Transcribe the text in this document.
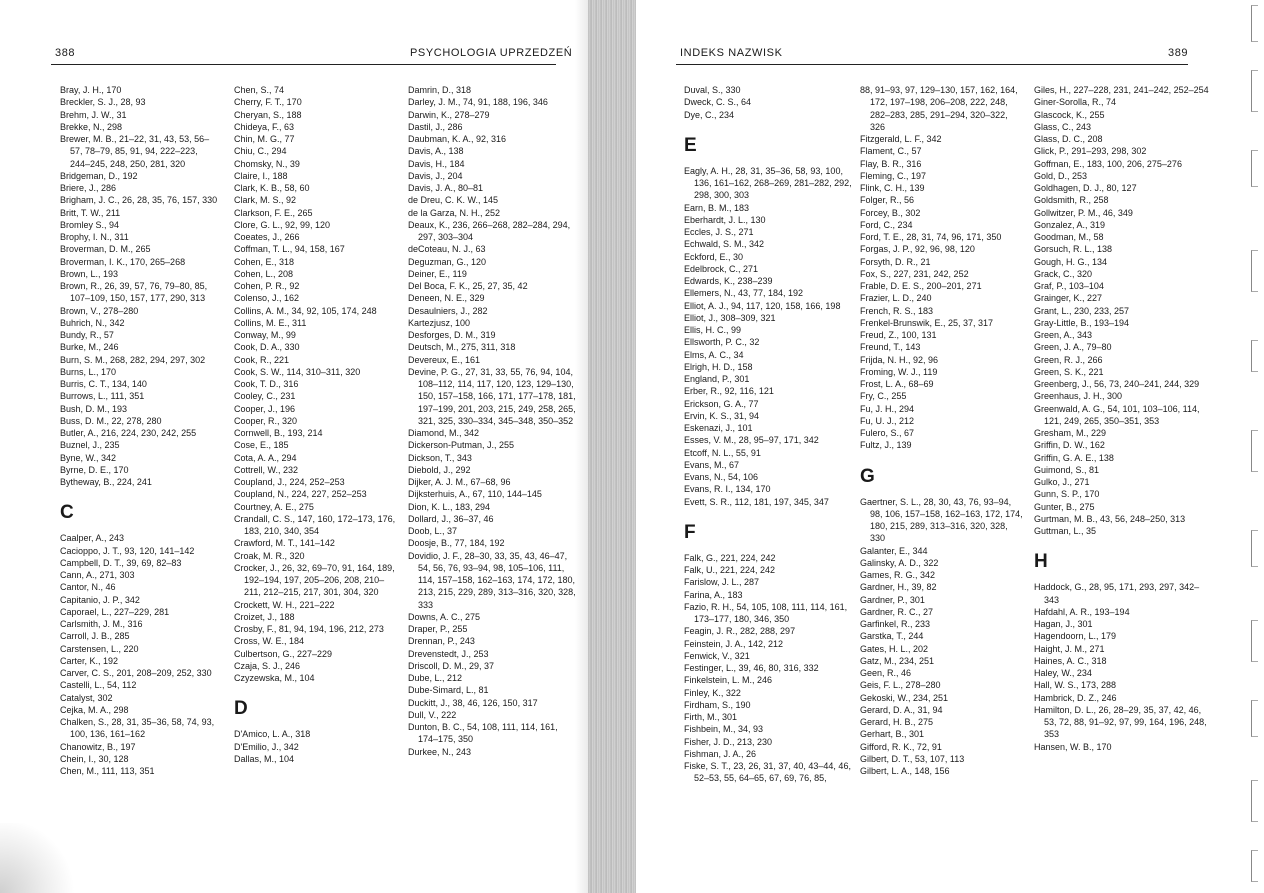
388	PSYCHOLOGIA UPRZEDZEŃ
Bray, J. H., 170
Breckler, S. J., 28, 93
Brehm, J. W., 31
Brekke, N., 298
Brewer, M. B., 21–22, 31, 43, 53, 56–57, 78–79, 85, 91, 94, 222–223, 244–245, 248, 250, 281, 320
Bridgeman, D., 192
Briere, J., 286
Brigham, J. C., 26, 28, 35, 76, 157, 330
Britt, T. W., 211
Bromley S., 94
Brophy, I. N., 311
Broverman, D. M., 265
Broverman, I. K., 170, 265–268
Brown, L., 193
Brown, R., 26, 39, 57, 76, 79–80, 85, 107–109, 150, 157, 177, 290, 313
Brown, V., 278–280
Buhrich, N., 342
Bundy, R., 57
Burke, M., 246
Burn, S. M., 268, 282, 294, 297, 302
Burns, L., 170
Burris, C. T., 134, 140
Burrows, L., 111, 351
Bush, D. M., 193
Buss, D. M., 22, 278, 280
Butler, A., 216, 224, 230, 242, 255
Buznel, J., 235
Byne, W., 342
Byrne, D. E., 170
Bytheway, B., 224, 241
C
Caalper, A., 243
Cacioppo, J. T., 93, 120, 141–142
Campbell, D. T., 39, 69, 82–83
Cann, A., 271, 303
Cantor, N., 46
Capitanio, J. P., 342
Caporael, L., 227–229, 281
Carlsmith, J. M., 316
Carroll, J. B., 285
Carstensen, L., 220
Carter, K., 192
Carver, C. S., 201, 208–209, 252, 330
Castelli, L., 54, 112
Catalyst, 302
Cejka, M. A., 298
Chalken, S., 28, 31, 35–36, 58, 74, 93, 100, 136, 161–162
Chanowitz, B., 197
Chein, I., 30, 128
Chen, M., 111, 113, 351
Chen, S., 74
Cherry, F. T., 170
Cheryan, S., 188
Chideya, F., 63
Chin, M. G., 77
Chiu, C., 294
Chomsky, N., 39
Claire, I., 188
Clark, K. B., 58, 60
Clark, M. S., 92
Clarkson, F. E., 265
Clore, G. L., 92, 99, 120
Coeates, J., 266
Coffman, T. L., 94, 158, 167
Cohen, E., 318
Cohen, L., 208
Cohen, P. R., 92
Colenso, J., 162
Collins, A. M., 34, 92, 105, 174, 248
Collins, M. E., 311
Conway, M., 99
Cook, D. A., 330
Cook, R., 221
Cook, S. W., 114, 310–311, 320
Cook, T. D., 316
Cooley, C., 231
Cooper, J., 196
Cooper, R., 320
Cornwell, B., 193, 214
Cose, E., 185
Cota, A. A., 294
Cottrell, W., 232
Coupland, J., 224, 252–253
Coupland, N., 224, 227, 252–253
Courtney, A. E., 275
Crandall, C. S., 147, 160, 172–173, 176, 183, 210, 340, 354
Crawford, M. T., 141–142
Croak, M. R., 320
Crocker, J., 26, 32, 69–70, 91, 164, 189, 192–194, 197, 205–206, 208, 210–211, 212–215, 217, 301, 304, 320
Crockett, W. H., 221–222
Croizet, J., 188
Crosby, F., 81, 94, 194, 196, 212, 273
Cross, W. E., 184
Culbertson, G., 227–229
Czaja, S. J., 246
Czyzewska, M., 104
D
D'Amico, L. A., 318
D'Emilio, J., 342
Dallas, M., 104
Damrin, D., 318
Darley, J. M., 74, 91, 188, 196, 346
Darwin, K., 278–279
Dastil, J., 286
Daubman, K. A., 92, 316
Davis, A., 138
Davis, H., 184
Davis, J., 204
Davis, J. A., 80–81
de Dreu, C. K. W., 145
de la Garza, N. H., 252
Deaux, K., 236, 266–268, 282–284, 294, 297, 303–304
deCoteau, N. J., 63
Deguzman, G., 120
Deiner, E., 119
Del Boca, F. K., 25, 27, 35, 42
Deneen, N. E., 329
Desaulniers, J., 282
Kartezjusz, 100
Desforges, D. M., 319
Deutsch, M., 275, 311, 318
Devereux, E., 161
Devine, P. G., 27, 31, 33, 55, 76, 94, 104, 108–112, 114, 117, 120, 123, 129–130, 150, 157–158, 166, 171, 177–178, 181, 197–199, 201, 203, 215, 249, 258, 265, 321, 325, 330–334, 345–348, 350–352
Diamond, M., 342
Dickerson-Putman, J., 255
Dickson, T., 343
Diebold, J., 292
Dijker, A. J. M., 67–68, 96
Dijksterhuis, A., 67, 110, 144–145
Dion, K. L., 183, 294
Dollard, J., 36–37, 46
Doob, L., 37
Doosje, B., 77, 184, 192
Dovidio, J. F., 28–30, 33, 35, 43, 46–47, 54, 56, 76, 93–94, 98, 105–106, 111, 114, 157–158, 162–163, 174, 172, 180, 213, 215, 229, 289, 313–316, 320, 328, 333
Downs, A. C., 275
Draper, P., 255
Drennan, P., 243
Drevenstedt, J., 253
Driscoll, D. M., 29, 37
Dube, L., 212
Dube-Simard, L., 81
Duckitt, J., 38, 46, 126, 150, 317
Dull, V., 222
Dunton, B. C., 54, 108, 111, 114, 161, 174–175, 350
Durkee, N., 243
INDEKS NAZWISK	389
Duval, S., 330
Dweck, C. S., 64
Dye, C., 234
E
Eagly, A. H., 28, 31, 35–36, 58, 93, 100, 136, 161–162, 268–269, 281–282, 292, 298, 300, 303
Earn, B. M., 183
Eberhardt, J. L., 130
Eccles, J. S., 271
Echwald, S. M., 342
Eckford, E., 30
Edelbrock, C., 271
Edwards, K., 238–239
Ellemers, N., 43, 77, 184, 192
Elliot, A. J., 94, 117, 120, 158, 166, 198
Elliot, J., 308–309, 321
Ellis, H. C., 99
Ellsworth, P. C., 32
Elms, A. C., 34
Elrigh, H. D., 158
England, P., 301
Erber, R., 92, 116, 121
Erickson, G. A., 77
Ervin, K. S., 31, 94
Eskenazi, J., 101
Esses, V. M., 28, 95–97, 171, 342
Etcoff, N. L., 55, 91
Evans, M., 67
Evans, N., 54, 106
Evans, R. I., 134, 170
Evett, S. R., 112, 181, 197, 345, 347
F
Falk, G., 221, 224, 242
Falk, U., 221, 224, 242
Farislow, J. L., 287
Farina, A., 183
Fazio, R. H., 54, 105, 108, 111, 114, 161, 173–177, 180, 346, 350
Feagin, J. R., 282, 288, 297
Feinstein, J. A., 142, 212
Fenwick, V., 321
Festinger, L., 39, 46, 80, 316, 332
Finkelstein, L. M., 246
Finley, K., 322
Firdham, S., 190
Firth, M., 301
Fishbein, M., 34, 93
Fisher, J. D., 213, 230
Fishman, J. A., 26
Fiske, S. T., 23, 26, 31, 37, 40, 43–44, 46, 52–53, 55, 64–65, 67, 69, 76, 85,
88, 91–93, 97, 129–130, 157, 162, 164, 172, 197–198, 206–208, 222, 248, 282–283, 285, 291–294, 320–322, 326
Fitzgerald, L. F., 342
Flament, C., 57
Flay, B. R., 316
Fleming, C., 197
Flink, C. H., 139
Folger, R., 56
Forcey, B., 302
Ford, C., 234
Ford, T. E., 28, 31, 74, 96, 171, 350
Forgas, J. P., 92, 96, 98, 120
Forsyth, D. R., 21
Fox, S., 227, 231, 242, 252
Frable, D. E. S., 200–201, 271
Frazier, L. D., 240
French, R. S., 183
Frenkel-Brunswik, E., 25, 37, 317
Freud, Z., 100, 131
Freund, T., 143
Frijda, N. H., 92, 96
Froming, W. J., 119
Frost, L. A., 68–69
Fry, C., 255
Fu, J. H., 294
Fu, U. J., 212
Fulero, S., 67
Fultz, J., 139
G
Gaertner, S. L., 28, 30, 43, 76, 93–94, 98, 106, 157–158, 162–163, 172, 174, 180, 215, 289, 313–316, 320, 328, 330
Galanter, E., 344
Galinsky, A. D., 322
Games, R. G., 342
Gardner, H., 39, 82
Gardner, P., 301
Gardner, R. C., 27
Garfinkel, R., 233
Garstka, T., 244
Gates, H. L., 202
Gatz, M., 234, 251
Geen, R., 46
Geis, F. L., 278–280
Gekoski, W., 234, 251
Gerard, D. A., 31, 94
Gerard, H. B., 275
Gerhart, B., 301
Gifford, R. K., 72, 91
Gilbert, D. T., 53, 107, 113
Gilbert, L. A., 148, 156
Giles, H., 227–228, 231, 241–242, 252–254
Giner-Sorolla, R., 74
Glascock, K., 255
Glass, C., 243
Glass, D. C., 208
Glick, P., 291–293, 298, 302
Goffman, E., 183, 100, 206, 275–276
Gold, D., 253
Goldhagen, D. J., 80, 127
Goldsmith, R., 258
Gollwitzer, P. M., 46, 349
Gonzalez, A., 319
Goodman, M., 58
Gorsuch, R. L., 138
Gough, H. G., 134
Grack, C., 320
Graf, P., 103–104
Grainger, K., 227
Grant, L., 230, 233, 257
Gray-Little, B., 193–194
Green, A., 343
Green, J. A., 79–80
Green, R. J., 266
Green, S. K., 221
Greenberg, J., 56, 73, 240–241, 244, 329
Greenhaus, J. H., 300
Greenwald, A. G., 54, 101, 103–106, 114, 121, 249, 265, 350–351, 353
Gresham, M., 229
Griffin, D. W., 162
Griffin, G. A. E., 138
Guimond, S., 81
Gulko, J., 271
Gunn, S. P., 170
Gunter, B., 275
Gurtman, M. B., 43, 56, 248–250, 313
Guttman, L., 35
H
Haddock, G., 28, 95, 171, 293, 297, 342–343
Hafdahl, A. R., 193–194
Hagan, J., 301
Hagendoorn, L., 179
Haight, J. M., 271
Haines, A. C., 318
Haley, W., 234
Hall, W. S., 173, 288
Hambrick, D. Z., 246
Hamilton, D. L., 26, 28–29, 35, 37, 42, 46, 53, 72, 88, 91–92, 97, 99, 164, 196, 248, 353
Hansen, W. B., 170
